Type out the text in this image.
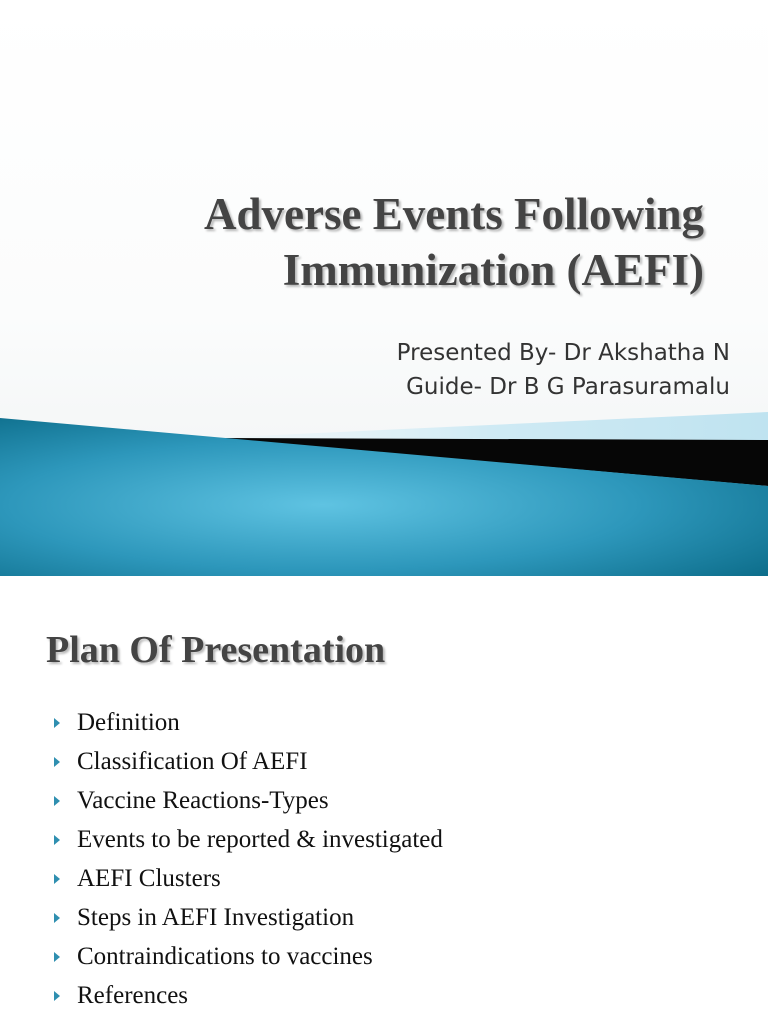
Adverse Events Following
Immunization (AEFI)
Presented By- Dr Akshatha N
Guide- Dr B G Parasuramalu
Plan Of Presentation
Definition
Classification Of AEFI
Vaccine Reactions-Types
Events to be reported & investigated
AEFI Clusters
Steps in AEFI Investigation
Contraindications to vaccines
References
